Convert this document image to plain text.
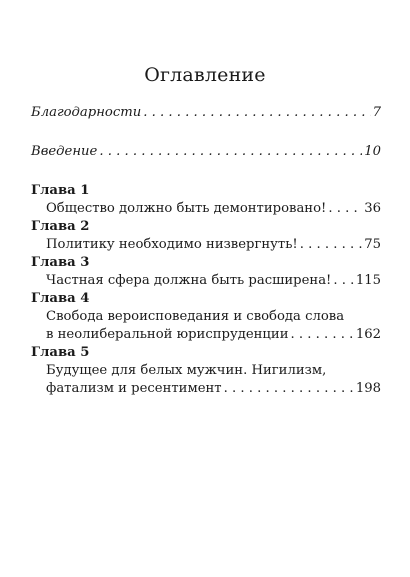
Оглавление
Благодарности . . .	7
Введение . . .	10
Глава 1
Общество должно быть демонтировано! . . .	36
Глава 2
Политику необходимо низвергнуть! . . .	75
Глава 3
Частная сфера должна быть расширена! . . . 115
Глава 4
Свобода вероисповедания и свобода слова
в неолиберальной юриспруденции . . .	162
Глава 5
Будущее для белых мужчин. Нигилизм,
фатализм и ресентимент . . .	198
